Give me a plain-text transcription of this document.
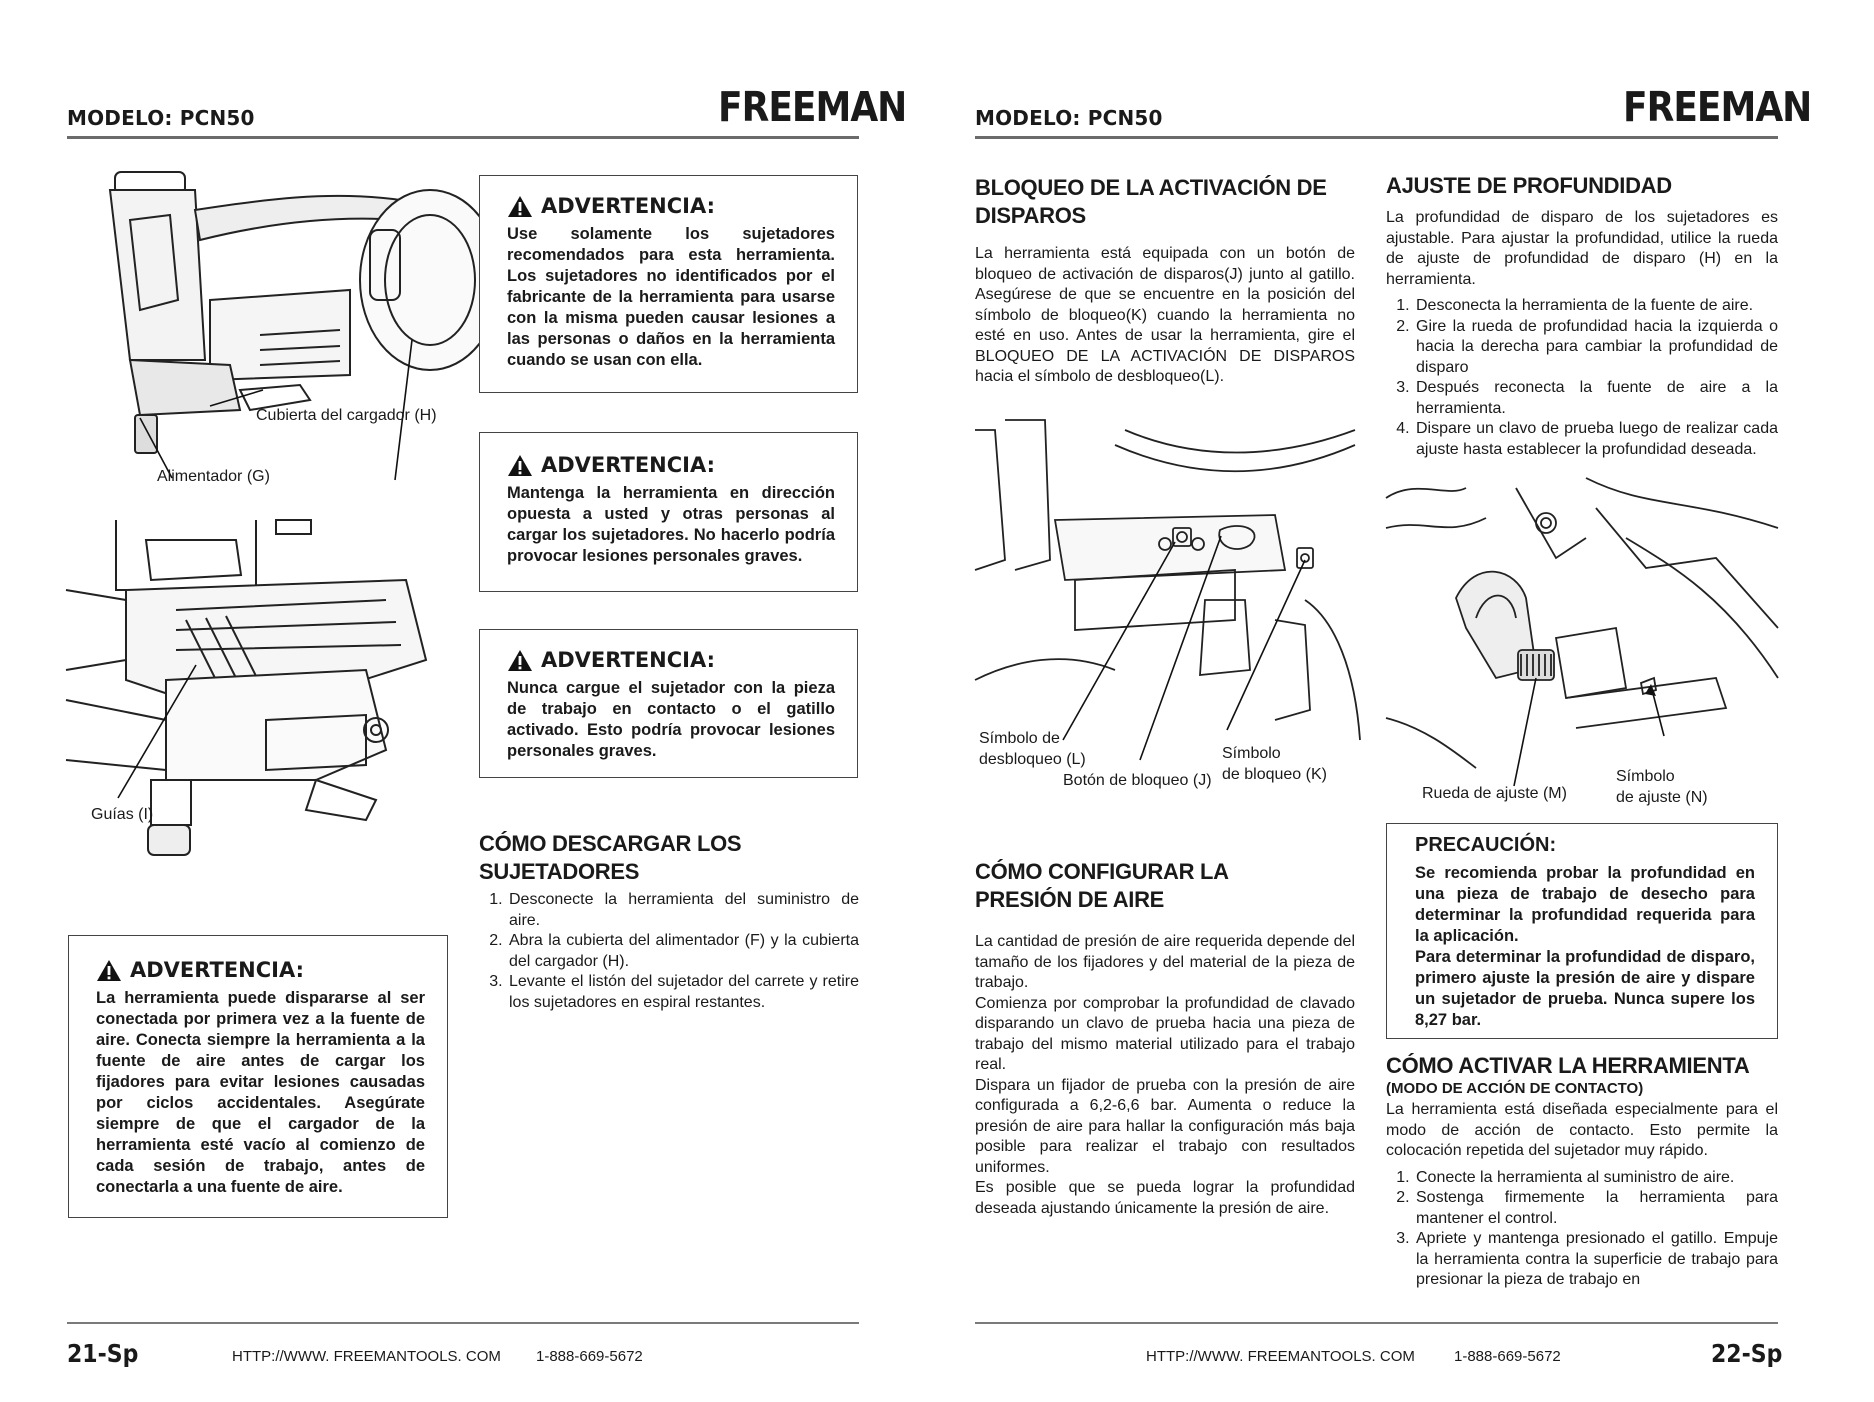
MODELO: PCN50	FREEMAN
Cubierta del cargador (H)
Alimentador (G)
Guías (I)
ADVERTENCIA:
Use solamente los sujetadores recomendados para esta herramienta. Los sujetadores no identificados por el fabricante de la herramienta para usarse con la misma pueden causar lesiones a las personas o daños en la herramienta cuando se usan con ella.
ADVERTENCIA:
Mantenga la herramienta en dirección opuesta a usted y otras personas al cargar los sujetadores. No hacerlo podría provocar lesiones personales graves.
ADVERTENCIA:
Nunca cargue el sujetador con la pieza de trabajo en contacto o el gatillo activado. Esto podría provocar lesiones personales graves.
CÓMO DESCARGAR LOS SUJETADORES
1. Desconecte la herramienta del suministro de aire.
2. Abra la cubierta del alimentador (F) y la cubierta del cargador (H).
3. Levante el listón del sujetador del carrete y retire los sujetadores en espiral restantes.
ADVERTENCIA:
La herramienta puede dispararse al ser conectada por primera vez a la fuente de aire. Conecta siempre la herramienta a la fuente de aire antes de cargar los fijadores para evitar lesiones causadas por ciclos accidentales. Asegúrate siempre de que el cargador de la herramienta esté vacío al comienzo de cada sesión de trabajo, antes de conectarla a una fuente de aire.
21-Sp	HTTP://WWW. FREEMANTOOLS. COM 1-888-669-5672
MODELO: PCN50	FREEMAN
BLOQUEO DE LA ACTIVACIÓN DE DISPAROS
La herramienta está equipada con un botón de bloqueo de activación de disparos(J) junto al gatillo. Asegúrese de que se encuentre en la posición del símbolo de bloqueo(K) cuando la herramienta no esté en uso. Antes de usar la herramienta, gire el BLOQUEO DE LA ACTIVACIÓN DE DISPAROS hacia el símbolo de desbloqueo(L).
Símbolo de
desbloqueo (L)
Botón de bloqueo (J)
Símbolo
de bloqueo (K)
CÓMO CONFIGURAR LA PRESIÓN DE AIRE
La cantidad de presión de aire requerida depende del tamaño de los fijadores y del material de la pieza de trabajo.
Comienza por comprobar la profundidad de clavado disparando un clavo de prueba hacia una pieza de trabajo del mismo material utilizado para el trabajo real.
Dispara un fijador de prueba con la presión de aire configurada a 6,2-6,6 bar. Aumenta o reduce la presión de aire para hallar la configuración más baja posible para realizar el trabajo con resultados uniformes.
Es posible que se pueda lograr la profundidad deseada ajustando únicamente la presión de aire.
AJUSTE DE PROFUNDIDAD
La profundidad de disparo de los sujetadores es ajustable. Para ajustar la profundidad, utilice la rueda de ajuste de profundidad de disparo (H) en la herramienta.
1. Desconecta la herramienta de la fuente de aire.
2. Gire la rueda de profundidad hacia la izquierda o hacia la derecha para cambiar la profundidad de disparo
3. Después reconecta la fuente de aire a la herramienta.
4. Dispare un clavo de prueba luego de realizar cada ajuste hasta establecer la profundidad deseada.
Rueda de ajuste (M)
Símbolo
de ajuste (N)
PRECAUCIÓN:
Se recomienda probar la profundidad en una pieza de trabajo de desecho para determinar la profundidad requerida para la aplicación.
Para determinar la profundidad de disparo, primero ajuste la presión de aire y dispare un sujetador de prueba. Nunca supere los 8,27 bar.
CÓMO ACTIVAR LA HERRAMIENTA
(MODO DE ACCIÓN DE CONTACTO)
La herramienta está diseñada especialmente para el modo de acción de contacto. Esto permite la colocación repetida del sujetador muy rápido.
1. Conecte la herramienta al suministro de aire.
2. Sostenga firmemente la herramienta para mantener el control.
3. Apriete y mantenga presionado el gatillo. Empuje la herramienta contra la superficie de trabajo para presionar la pieza de trabajo en
HTTP://WWW. FREEMANTOOLS. COM	1-888-669-5672	22-Sp
